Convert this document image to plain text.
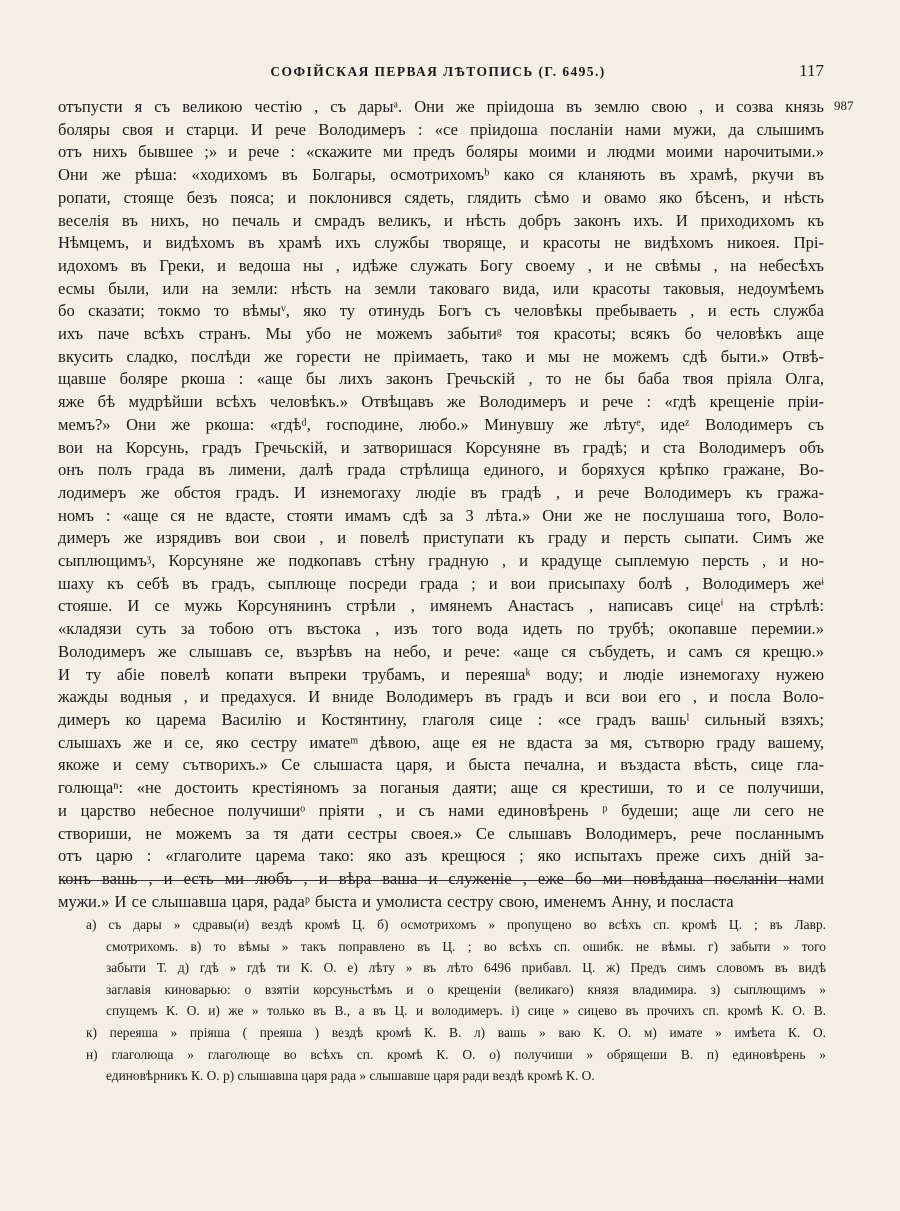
СОФІЙСКАЯ ПЕРВАЯ ЛѢТОПИСЬ (Г. 6495.)	117
987
отъпусти я съ великою честію , съ дарыᵃ. Они же пріидоша въ землю свою , и созва князь
боляры своя и старци. И рече Володимеръ : «се пріидоша посланіи нами мужи, да слышимъ
отъ нихъ бывшее ;» и рече : «скажите ми предъ боляры моими и людми моими нарочитыми.»
Они же рѣша: «ходихомъ въ Болгары, осмотрихомъᵇ како ся кланяють въ храмѣ, ркучи въ
ропати, стояще безъ пояса; и поклонився сядеть, глядить сѣмо и овамо яко бѣсенъ, и нѣсть
веселія въ нихъ, но печаль и смрадъ великъ, и нѣсть добръ законъ ихъ. И приходихомъ къ
Нѣмцемъ, и видѣхомъ въ храмѣ ихъ службы творяще, и красоты не видѣхомъ никоея. Прі-
идохомъ въ Греки, и ведоша ны , идѣже служать Богу своему , и не свѣмы , на небесѣхъ
есмы были, или на земли: нѣсть на земли таковаго вида, или красоты таковыя, недоумѣемъ
бо сказати; токмо то вѣмыᵛ, яко ту отинудь Богъ съ человѣкы пребываеть , и есть служба
ихъ паче всѣхъ странъ. Мы убо не можемъ забытиᵍ тоя красоты; всякъ бо человѣкъ аще
вкусить сладко, послѣди же горести не пріимаеть, тако и мы не можемъ сдѣ быти.» Отвѣ-
щавше боляре ркоша : «аще бы лихъ законъ Гречьскій , то не бы баба твоя пріяла Олга,
яже бѣ мудрѣйши всѣхъ человѣкъ.» Отвѣщавъ же Володимеръ и рече : «гдѣ крещеніе пріи-
мемъ?» Они же ркоша: «гдѣᵈ, господине, любо.» Минувшу же лѣтуᵉ, идеᶻ Володимеръ съ
вои на Корсунь, градъ Гречьскій, и затворишася Корсуняне въ градѣ; и ста Володимеръ объ
онъ полъ града въ лимени, далѣ града стрѣлища единого, и боряхуся крѣпко гражане, Во-
лодимеръ же обстоя градъ. И изнемогаху людіе въ градѣ , и рече Володимеръ къ гража-
номъ : «аще ся не вдасте, стояти имамъ сдѣ за 3 лѣта.» Они же не послушаша того, Воло-
димеръ же изрядивъ вои свои , и повелѣ приступати къ граду и персть сыпати. Симъ же
сыплющимъᶾ, Корсуняне же подкопавъ стѣну градную , и крадуще сыплемую персть , и но-
шаху къ себѣ въ градъ, сыплюще посреди града ; и вои присыпаху болѣ , Володимеръ жеᶤ
стояше. И се мужь Корсунянинъ стрѣли , имянемъ Анастасъ , написавъ сицеⁱ на стрѣлѣ:
«кладязи суть за тобою отъ въстока , изъ того вода идеть по трубѣ; окопавше перемии.»
Володимеръ же слышавъ се, възрѣвъ на небо, и рече: «аще ся събудеть, и самъ ся крещю.»
И ту абіе повелѣ копати въпреки трубамъ, и переяшаᵏ воду; и людіе изнемогаху нужею
жажды водныя , и предахуся. И вниде Володимеръ въ градъ и вси вои его , и посла Воло-
димеръ ко царема Василію и Костянтину, глаголя сице : «се градъ вашьˡ сильный взяхъ;
слышахъ же и се, яко сестру иматеᵐ дѣвою, аще ея не вдаста за мя, сътворю граду вашему,
якоже и сему сътворихъ.» Се слышаста царя, и быста печална, и въздаста вѣсть, сице гла-
голющаⁿ: «не достоить крестіяномъ за поганыя даяти; аще ся крестиши, то и се получиши,
и царство небесное получишиᵒ пріяти , и съ нами единовѣрень ᵖ будеши; аще ли сего не
створиши, не можемъ за тя дати сестры своея.» Се слышавъ Володимеръ, рече посланнымъ
отъ царю : «глаголите царема тако: яко азъ крещюся ; яко испытахъ преже сихъ дній за-
конъ вашь , и есть ми любъ , и вѣра ваша и служеніе , еже бо ми повѣдаша посланіи нами
мужи.» И се слышавша царя, радаᵖ быста и умолиста сестру свою, именемъ Анну, и посласта
а) съ дары » сдравы(и) вездѣ кромѣ Ц. б) осмотрихомъ » пропущено во всѣхъ сп. кромѣ Ц. ; въ Лавр.
смотрихомъ. в) то вѣмы » такъ поправлено въ Ц. ; во всѣхъ сп. ошибк. не вѣмы. г) забыти » того
забыти Т. д) гдѣ » гдѣ ти К. О. е) лѣту » въ лѣто 6496 прибавл. Ц. ж) Предъ симъ словомъ въ видѣ
заглавія киноварью: о взятіи корсуньстѣмъ и о крещеніи (великаго) князя владимира. з) сыплющимъ »
спущемъ К. О. и) же » только въ В., а въ Ц. и володимеръ. і) сице » сицево въ прочихъ сп. кромѣ К. О. В.
к) переяша » пріяша ( преяша ) вездѣ кромѣ К. В. л) вашь » ваю К. О. м) имате » имѣета К. О.
н) глаголюща » глаголюще во всѣхъ сп. кромѣ К. О. о) получиши » обрящеши В. п) единовѣрень »
единовѣрникъ К. О. р) слышавша царя рада » слышавше царя ради вездѣ кромѣ К. О.
